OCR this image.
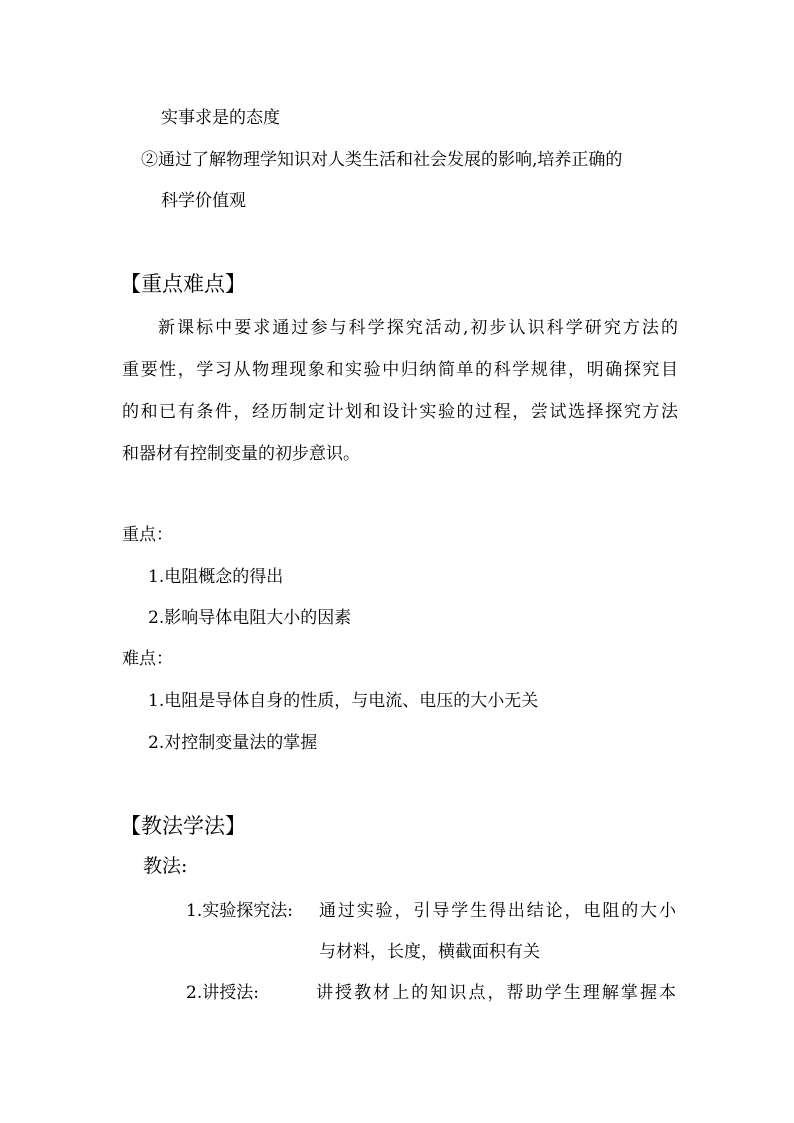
实事求是的态度
②通过了解物理学知识对人类生活和社会发展的影响,培养正确的
科学价值观
【重点难点】
新课标中要求通过参与科学探究活动,初步认识科学研究方法的
重要性，学习从物理现象和实验中归纳简单的科学规律，明确探究目
的和已有条件，经历制定计划和设计实验的过程，尝试选择探究方法
和器材有控制变量的初步意识。
重点：
1.电阻概念的得出
2.影响导体电阻大小的因素
难点：
1.电阻是导体自身的性质，与电流、电压的大小无关
2.对控制变量法的掌握
【教法学法】
教法:
1.实验探究法: 通过实验，引导学生得出结论，电阻的大小
与材料，长度，横截面积有关
2.讲授法:	讲授教材上的知识点，帮助学生理解掌握本
